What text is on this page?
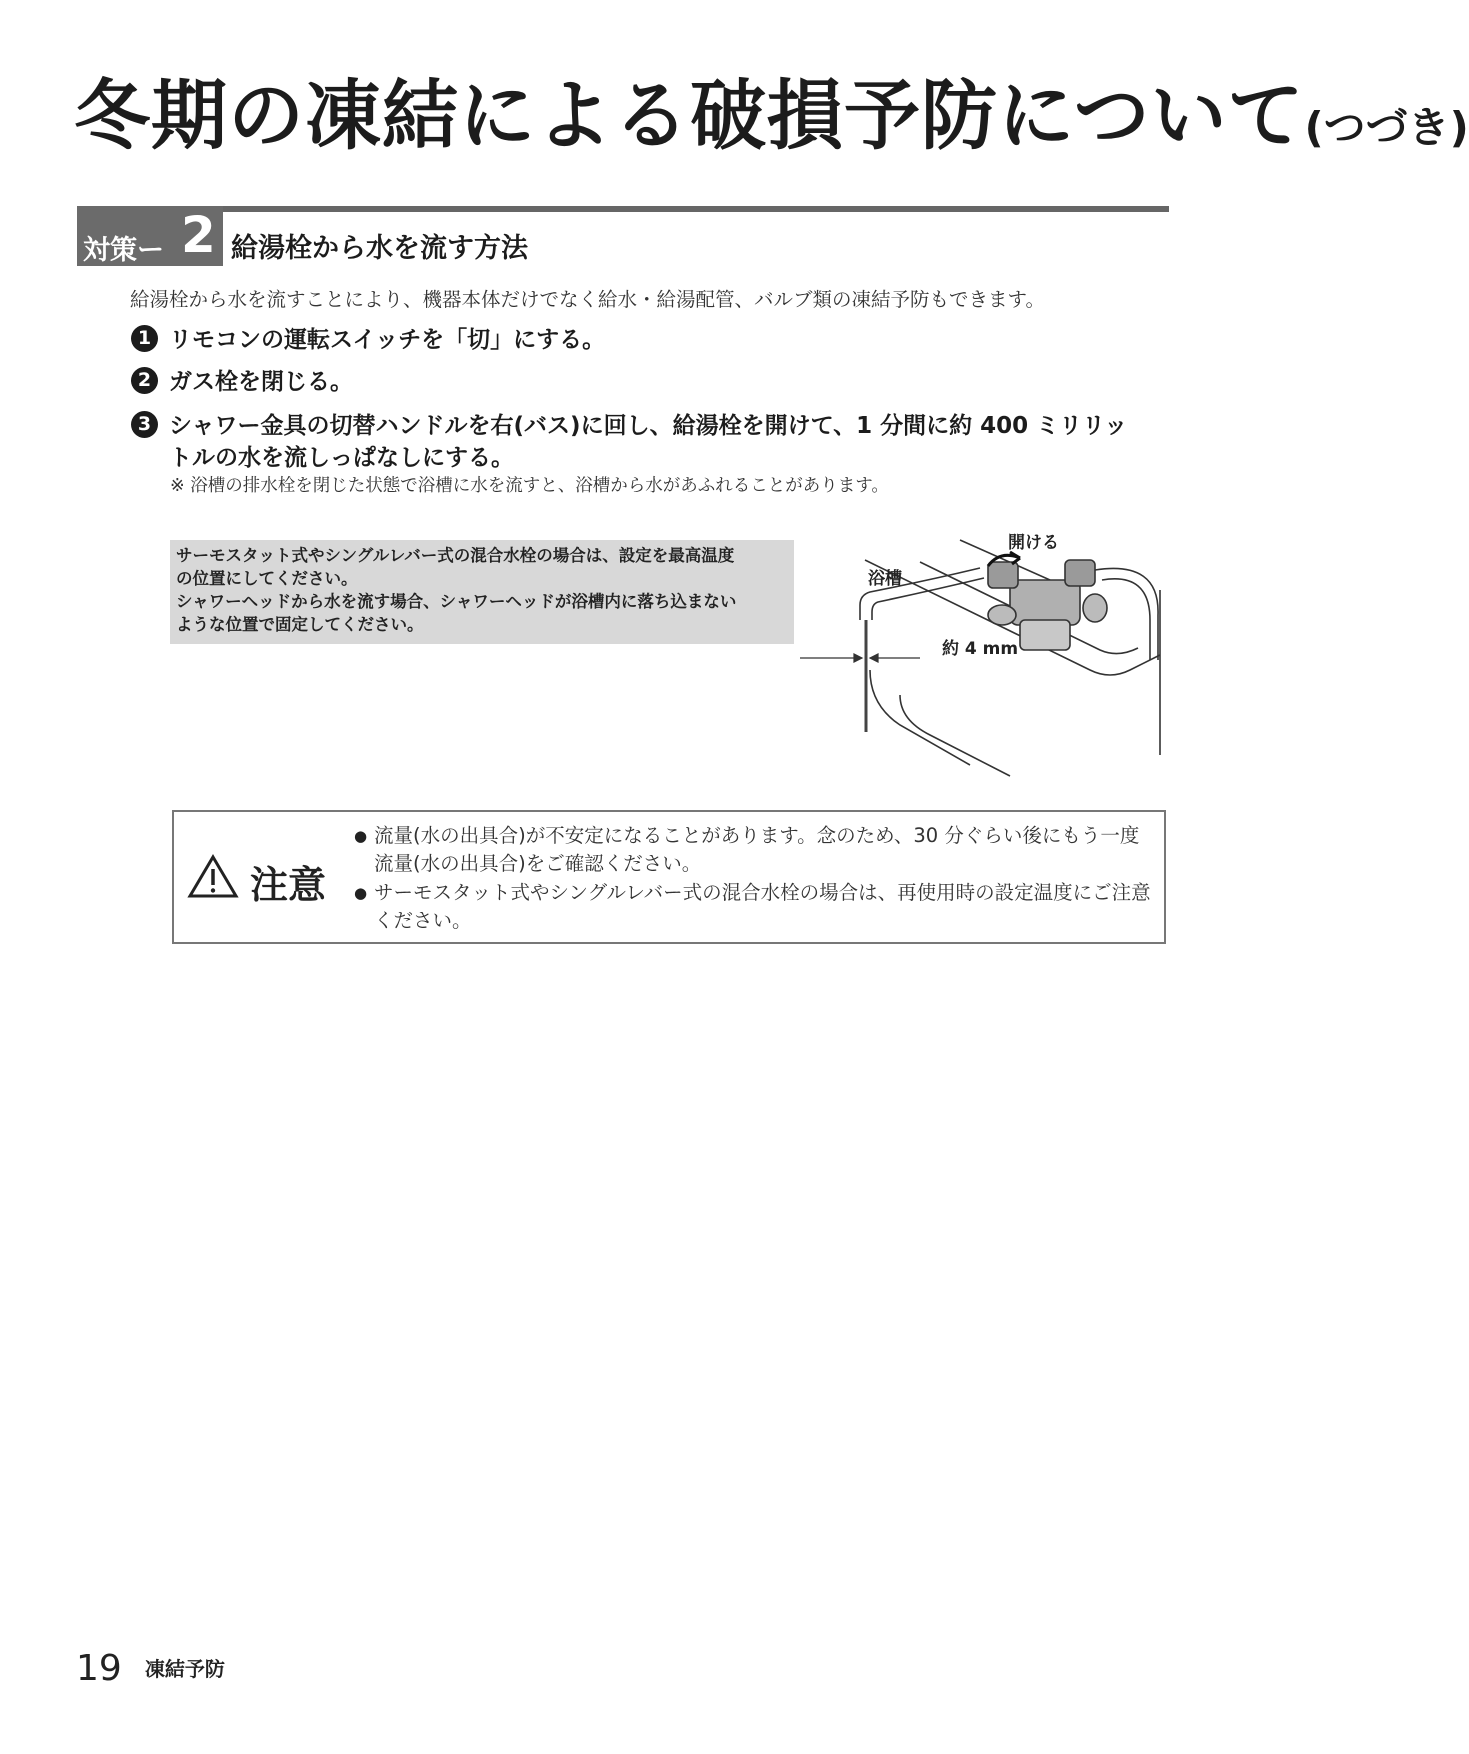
冬期の凍結による破損予防について(つづき)
対策ー 2 給湯栓から水を流す方法
給湯栓から水を流すことにより、機器本体だけでなく給水・給湯配管、バルブ類の凍結予防もできます。
1 リモコンの運転スイッチを「切」にする。
2 ガス栓を閉じる。
3 シャワー金具の切替ハンドルを右(バス)に回し、給湯栓を開けて、1 分間に約 400 ミリリッ
トルの水を流しっぱなしにする。
※ 浴槽の排水栓を閉じた状態で浴槽に水を流すと、浴槽から水があふれることがあります。
サーモスタット式やシングルレバー式の混合水栓の場合は、設定を最高温度
の位置にしてください。
シャワーヘッドから水を流す場合、シャワーヘッドが浴槽内に落ち込まない
ような位置で固定してください。
開ける
浴槽
約 4 mm
注意
● 流量(水の出具合)が不安定になることがあります。念のため、30 分ぐらい後にもう一度流量(水の出具合)をご確認ください。
● サーモスタット式やシングルレバー式の混合水栓の場合は、再使用時の設定温度にご注意ください。
19 凍結予防
